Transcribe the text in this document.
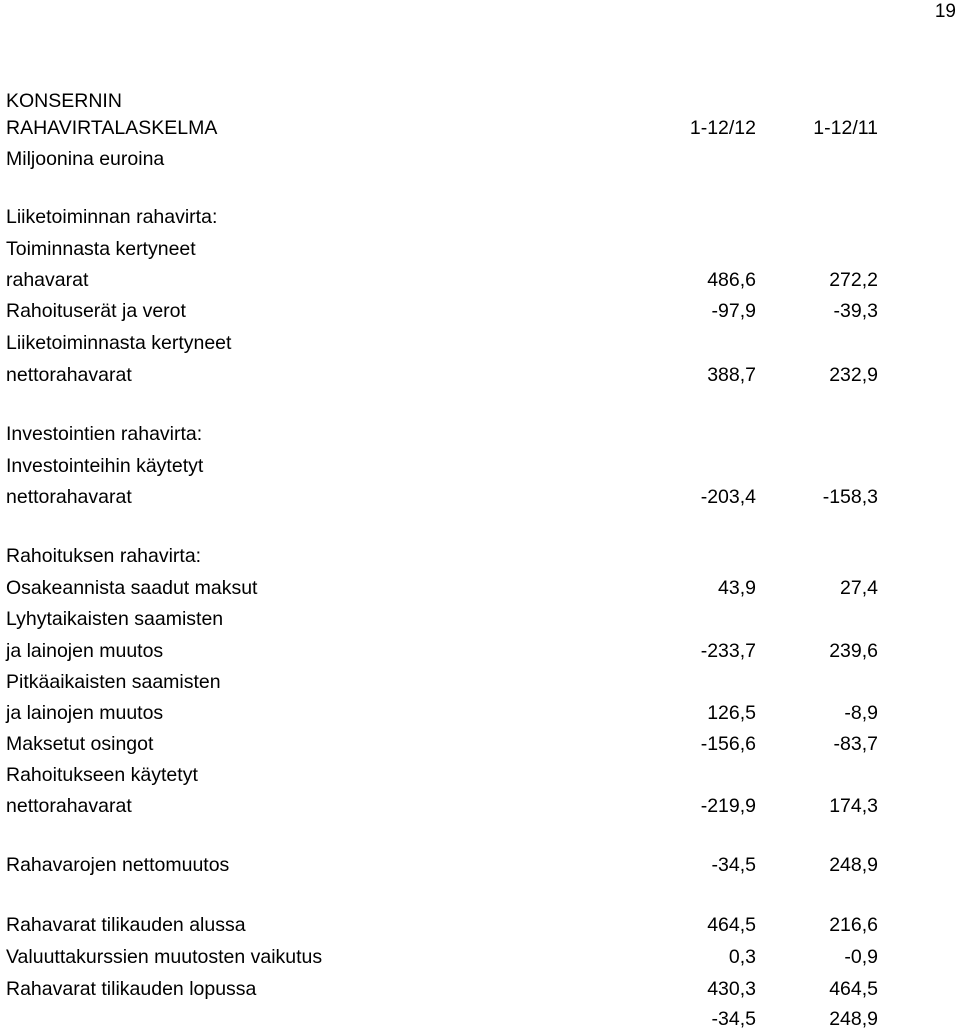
19
KONSERNIN
RAHAVIRTALASKELMA	1-12/12	1-12/11
Miljoonina euroina
Liiketoiminnan rahavirta:
Toiminnasta kertyneet
rahavarat	486,6	272,2
Rahoituserät ja verot	-97,9	-39,3
Liiketoiminnasta kertyneet
nettorahavarat	388,7	232,9
Investointien rahavirta:
Investointeihin käytetyt
nettorahavarat	-203,4	-158,3
Rahoituksen rahavirta:
Osakeannista saadut maksut	43,9	27,4
Lyhytaikaisten saamisten
ja lainojen muutos	-233,7	239,6
Pitkäaikaisten saamisten
ja lainojen muutos	126,5	-8,9
Maksetut osingot	-156,6	-83,7
Rahoitukseen käytetyt
nettorahavarat	-219,9	174,3
Rahavarojen nettomuutos	-34,5	248,9
Rahavarat tilikauden alussa	464,5	216,6
Valuuttakurssien muutosten vaikutus	0,3	-0,9
Rahavarat tilikauden lopussa	430,3	464,5
-34,5	248,9
